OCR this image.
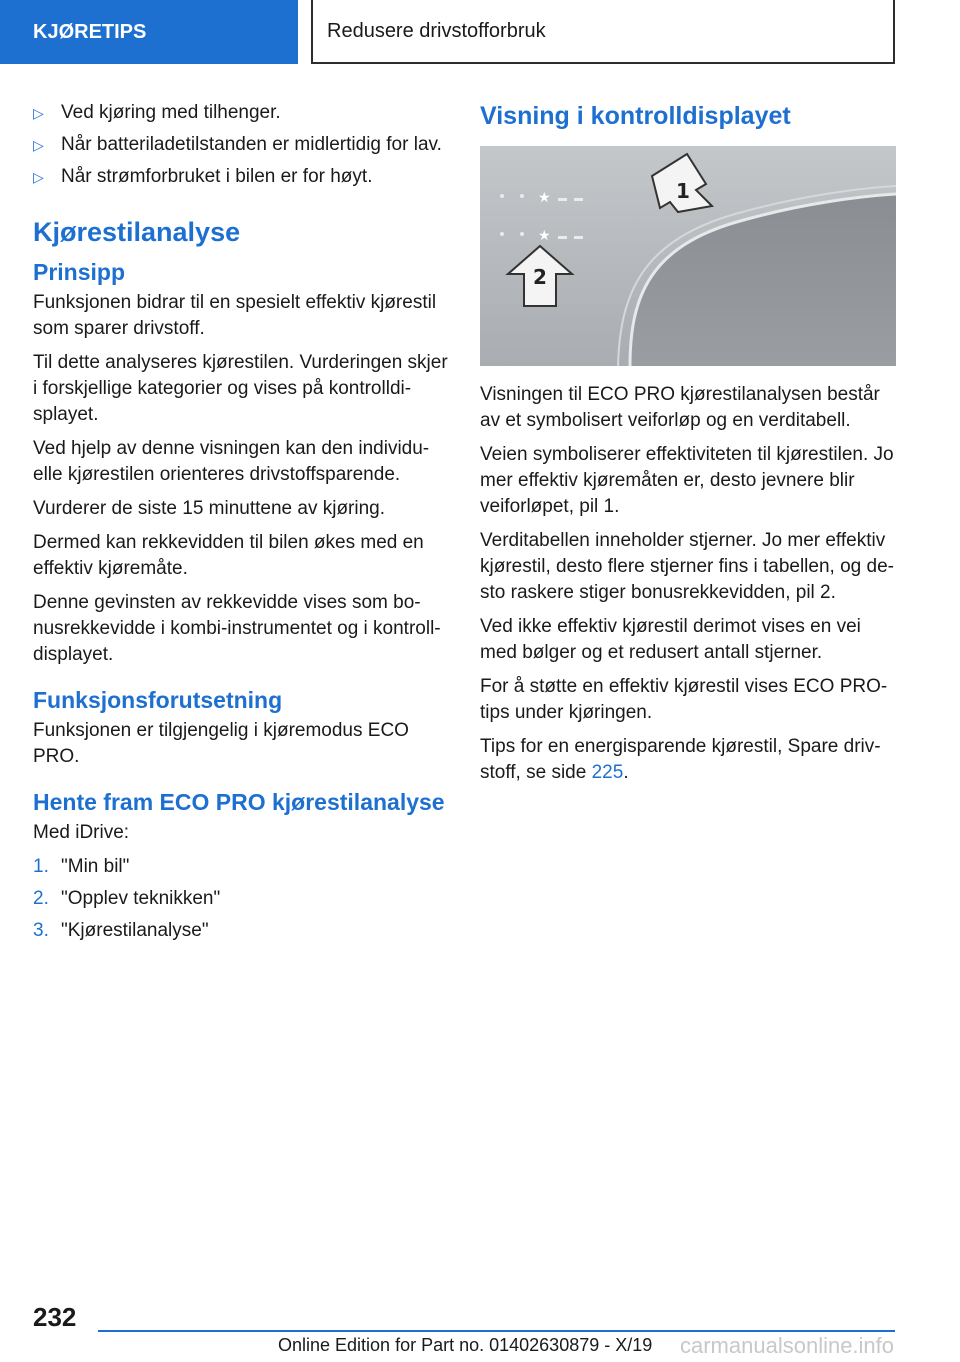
KJØRETIPS	Redusere drivstofforbruk
▷ Ved kjøring med tilhenger.
▷ Når batteriladetilstanden er midlertidig for lav.
▷ Når strømforbruket i bilen er for høyt.
Kjørestilanalyse
Prinsipp

Funksjonen bidrar til en spesielt effektiv kjørestil som sparer drivstoff.

Til dette analyseres kjørestilen. Vurderingen skjer i forskjellige kategorier og vises på kontrolldi-splayet.

Ved hjelp av denne visningen kan den individu-elle kjørestilen orienteres drivstoffsparende.

Vurderer de siste 15 minuttene av kjøring.

Dermed kan rekkevidden til bilen økes med en effektiv kjøremåte.

Denne gevinsten av rekkevidde vises som bo-nusrekkevidde i kombi-instrumentet og i kontroll-displayet.

Funksjonsforutsetning

Funksjonen er tilgjengelig i kjøremodus ECO PRO.

Hente fram ECO PRO kjørestilanalyse

Med iDrive:

1. "Min bil"
2. "Opplev teknikken"
3. "Kjørestilanalyse"
Visning i kontrolldisplayet
★
★
1
2

Visningen til ECO PRO kjørestilanalysen består av et symbolisert veiforløp og en verditabell.

Veien symboliserer effektiviteten til kjørestilen. Jo mer effektiv kjøremåten er, desto jevnere blir veiforløpet, pil 1.

Verditabellen inneholder stjerner. Jo mer effektiv kjørestil, desto flere stjerner fins i tabellen, og de-sto raskere stiger bonusrekkevidden, pil 2.

Ved ikke effektiv kjørestil derimot vises en vei med bølger og et redusert antall stjerner.

For å støtte en effektiv kjørestil vises ECO PRO-tips under kjøringen.

Tips for en energisparende kjørestil, Spare driv-stoff, se side 225.

232
Online Edition for Part no. 01402630879 - X/19 carmanualsonline.info
